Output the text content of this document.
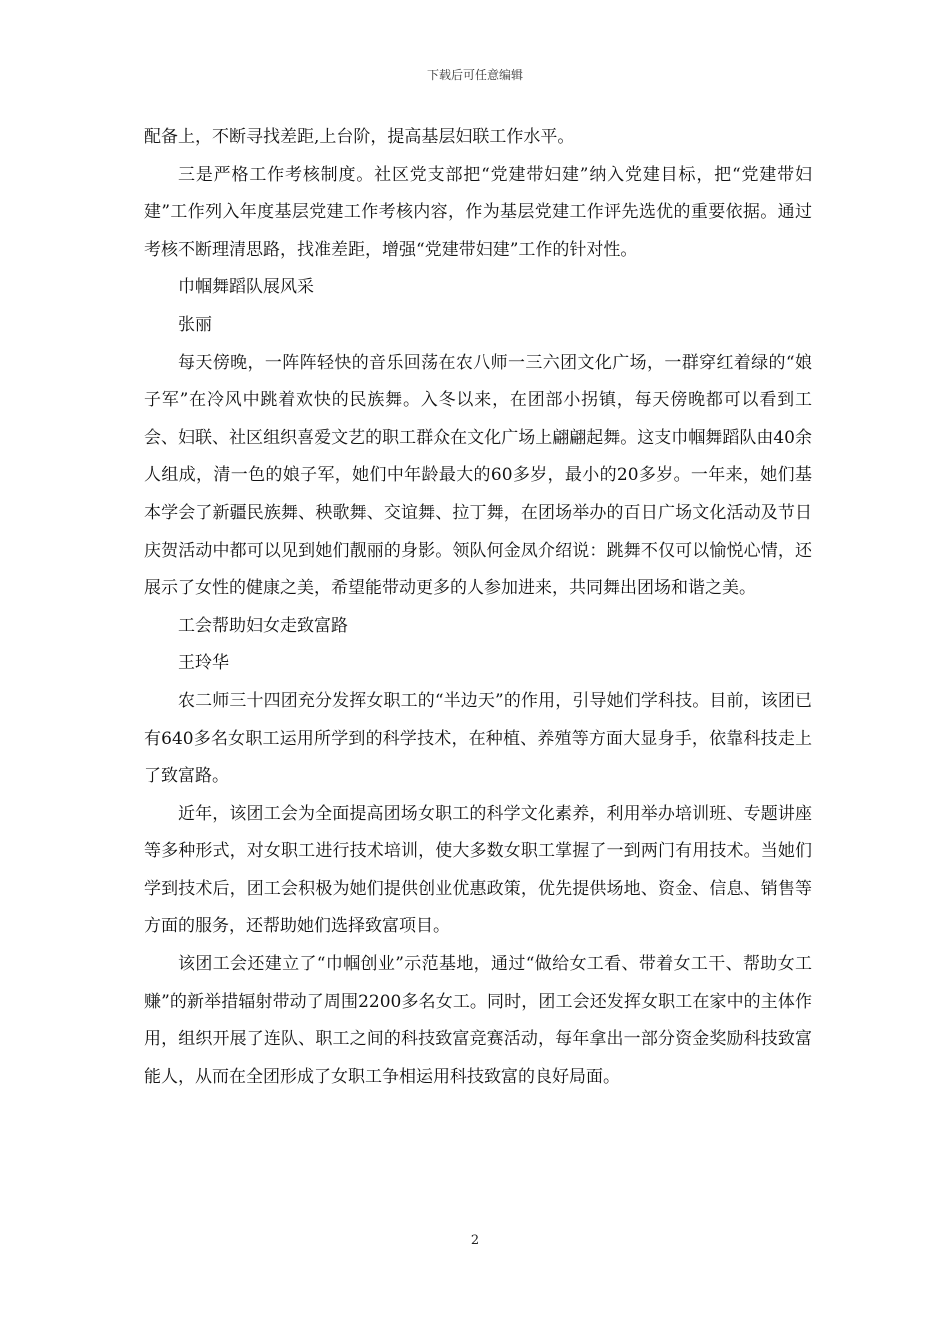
下载后可任意编辑

配备上，不断寻找差距,上台阶，提高基层妇联工作水平。

三是严格工作考核制度。社区党支部把“党建带妇建”纳入党建目标，把“党建带妇建”工作列入年度基层党建工作考核内容，作为基层党建工作评先选优的重要依据。通过考核不断理清思路，找准差距，增强“党建带妇建”工作的针对性。

巾帼舞蹈队展风采

张丽

每天傍晚，一阵阵轻快的音乐回荡在农八师一三六团文化广场，一群穿红着绿的“娘子军”在冷风中跳着欢快的民族舞。入冬以来，在团部小拐镇，每天傍晚都可以看到工会、妇联、社区组织喜爱文艺的职工群众在文化广场上翩翩起舞。这支巾帼舞蹈队由40余人组成，清一色的娘子军，她们中年龄最大的60多岁，最小的20多岁。一年来，她们基本学会了新疆民族舞、秧歌舞、交谊舞、拉丁舞，在团场举办的百日广场文化活动及节日庆贺活动中都可以见到她们靓丽的身影。领队何金凤介绍说：跳舞不仅可以愉悦心情，还展示了女性的健康之美，希望能带动更多的人参加进来，共同舞出团场和谐之美。

工会帮助妇女走致富路

王玲华

农二师三十四团充分发挥女职工的“半边天”的作用，引导她们学科技。目前，该团已有640多名女职工运用所学到的科学技术，在种植、养殖等方面大显身手，依靠科技走上了致富路。

近年，该团工会为全面提高团场女职工的科学文化素养，利用举办培训班、专题讲座等多种形式，对女职工进行技术培训，使大多数女职工掌握了一到两门有用技术。当她们学到技术后，团工会积极为她们提供创业优惠政策，优先提供场地、资金、信息、销售等方面的服务，还帮助她们选择致富项目。

该团工会还建立了“巾帼创业”示范基地，通过“做给女工看、带着女工干、帮助女工赚”的新举措辐射带动了周围2200多名女工。同时，团工会还发挥女职工在家中的主体作用，组织开展了连队、职工之间的科技致富竞赛活动，每年拿出一部分资金奖励科技致富能人，从而在全团形成了女职工争相运用科技致富的良好局面。

2
